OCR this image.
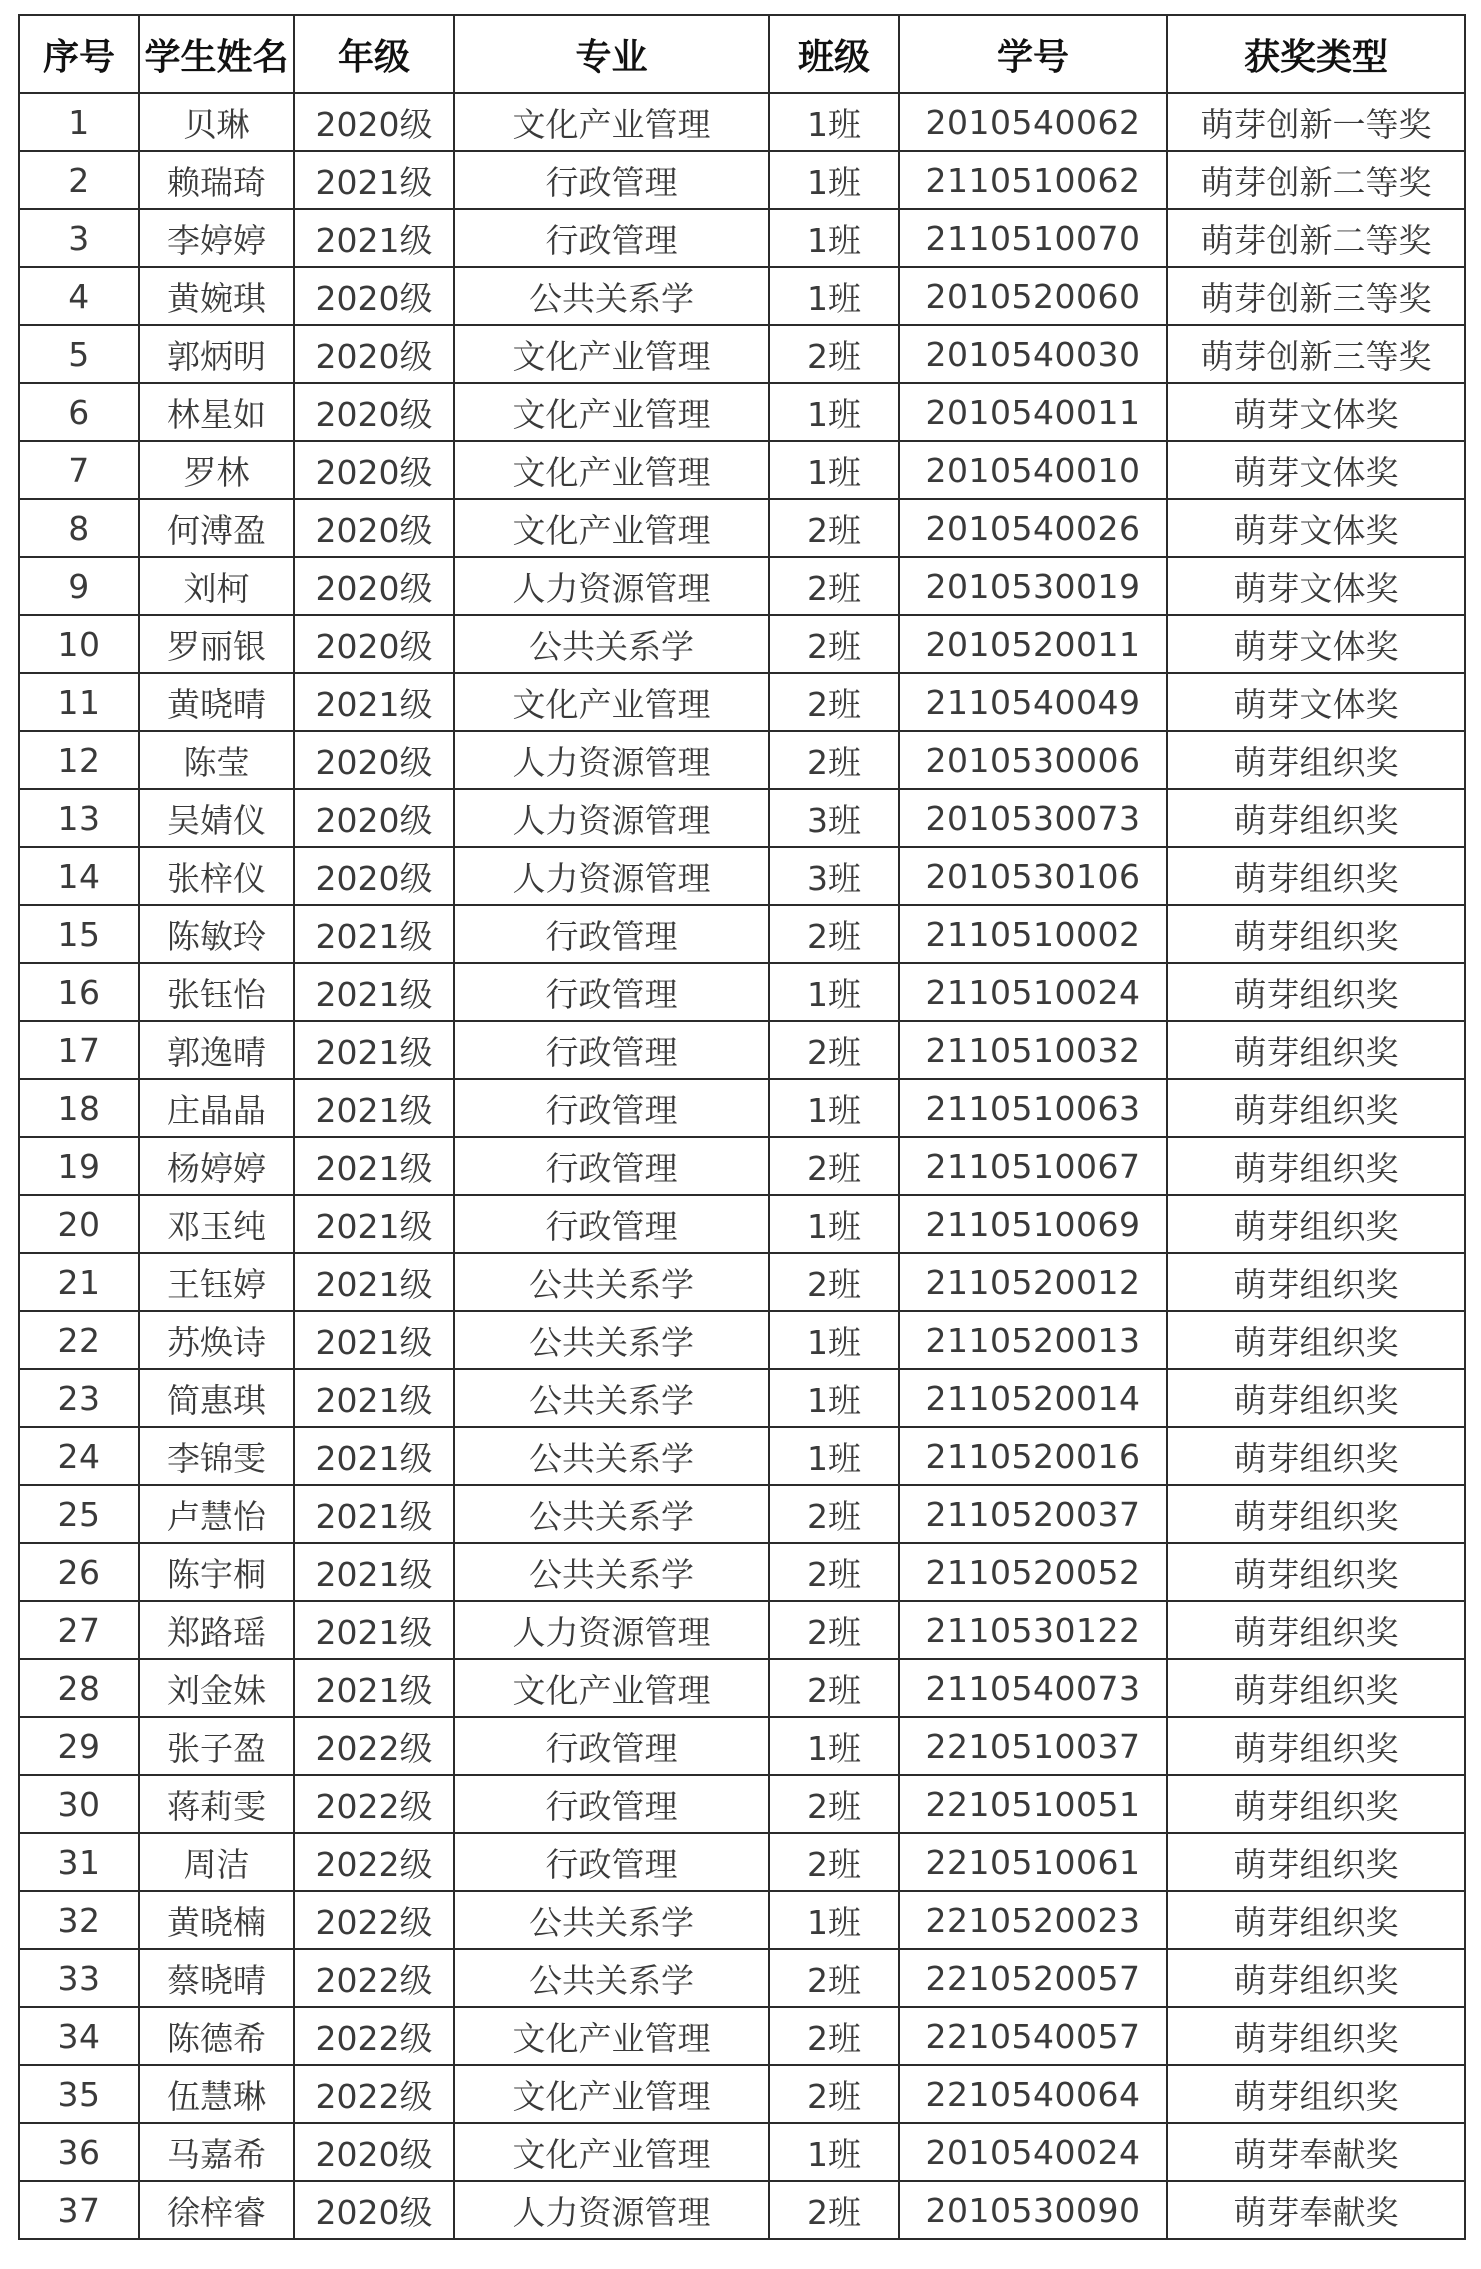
序号	学生姓名	年级	专业	班级	学号	获奖类型
1	贝琳	2020级	文化产业管理	1班	2010540062	萌芽创新一等奖
2	赖瑞琦	2021级	行政管理	1班	2110510062	萌芽创新二等奖
3	李婷婷	2021级	行政管理	1班	2110510070	萌芽创新二等奖
4	黄婉琪	2020级	公共关系学	1班	2010520060	萌芽创新三等奖
5	郭炳明	2020级	文化产业管理	2班	2010540030	萌芽创新三等奖
6	林星如	2020级	文化产业管理	1班	2010540011	萌芽文体奖
7	罗林	2020级	文化产业管理	1班	2010540010	萌芽文体奖
8	何溥盈	2020级	文化产业管理	2班	2010540026	萌芽文体奖
9	刘柯	2020级	人力资源管理	2班	2010530019	萌芽文体奖
10	罗丽银	2020级	公共关系学	2班	2010520011	萌芽文体奖
11	黄晓晴	2021级	文化产业管理	2班	2110540049	萌芽文体奖
12	陈莹	2020级	人力资源管理	2班	2010530006	萌芽组织奖
13	吴婧仪	2020级	人力资源管理	3班	2010530073	萌芽组织奖
14	张梓仪	2020级	人力资源管理	3班	2010530106	萌芽组织奖
15	陈敏玲	2021级	行政管理	2班	2110510002	萌芽组织奖
16	张钰怡	2021级	行政管理	1班	2110510024	萌芽组织奖
17	郭逸晴	2021级	行政管理	2班	2110510032	萌芽组织奖
18	庄晶晶	2021级	行政管理	1班	2110510063	萌芽组织奖
19	杨婷婷	2021级	行政管理	2班	2110510067	萌芽组织奖
20	邓玉纯	2021级	行政管理	1班	2110510069	萌芽组织奖
21	王钰婷	2021级	公共关系学	2班	2110520012	萌芽组织奖
22	苏焕诗	2021级	公共关系学	1班	2110520013	萌芽组织奖
23	简惠琪	2021级	公共关系学	1班	2110520014	萌芽组织奖
24	李锦雯	2021级	公共关系学	1班	2110520016	萌芽组织奖
25	卢慧怡	2021级	公共关系学	2班	2110520037	萌芽组织奖
26	陈宇桐	2021级	公共关系学	2班	2110520052	萌芽组织奖
27	郑路瑶	2021级	人力资源管理	2班	2110530122	萌芽组织奖
28	刘金妹	2021级	文化产业管理	2班	2110540073	萌芽组织奖
29	张子盈	2022级	行政管理	1班	2210510037	萌芽组织奖
30	蒋莉雯	2022级	行政管理	2班	2210510051	萌芽组织奖
31	周洁	2022级	行政管理	2班	2210510061	萌芽组织奖
32	黄晓楠	2022级	公共关系学	1班	2210520023	萌芽组织奖
33	蔡晓晴	2022级	公共关系学	2班	2210520057	萌芽组织奖
34	陈德希	2022级	文化产业管理	2班	2210540057	萌芽组织奖
35	伍慧琳	2022级	文化产业管理	2班	2210540064	萌芽组织奖
36	马嘉希	2020级	文化产业管理	1班	2010540024	萌芽奉献奖
37	徐梓睿	2020级	人力资源管理	2班	2010530090	萌芽奉献奖
